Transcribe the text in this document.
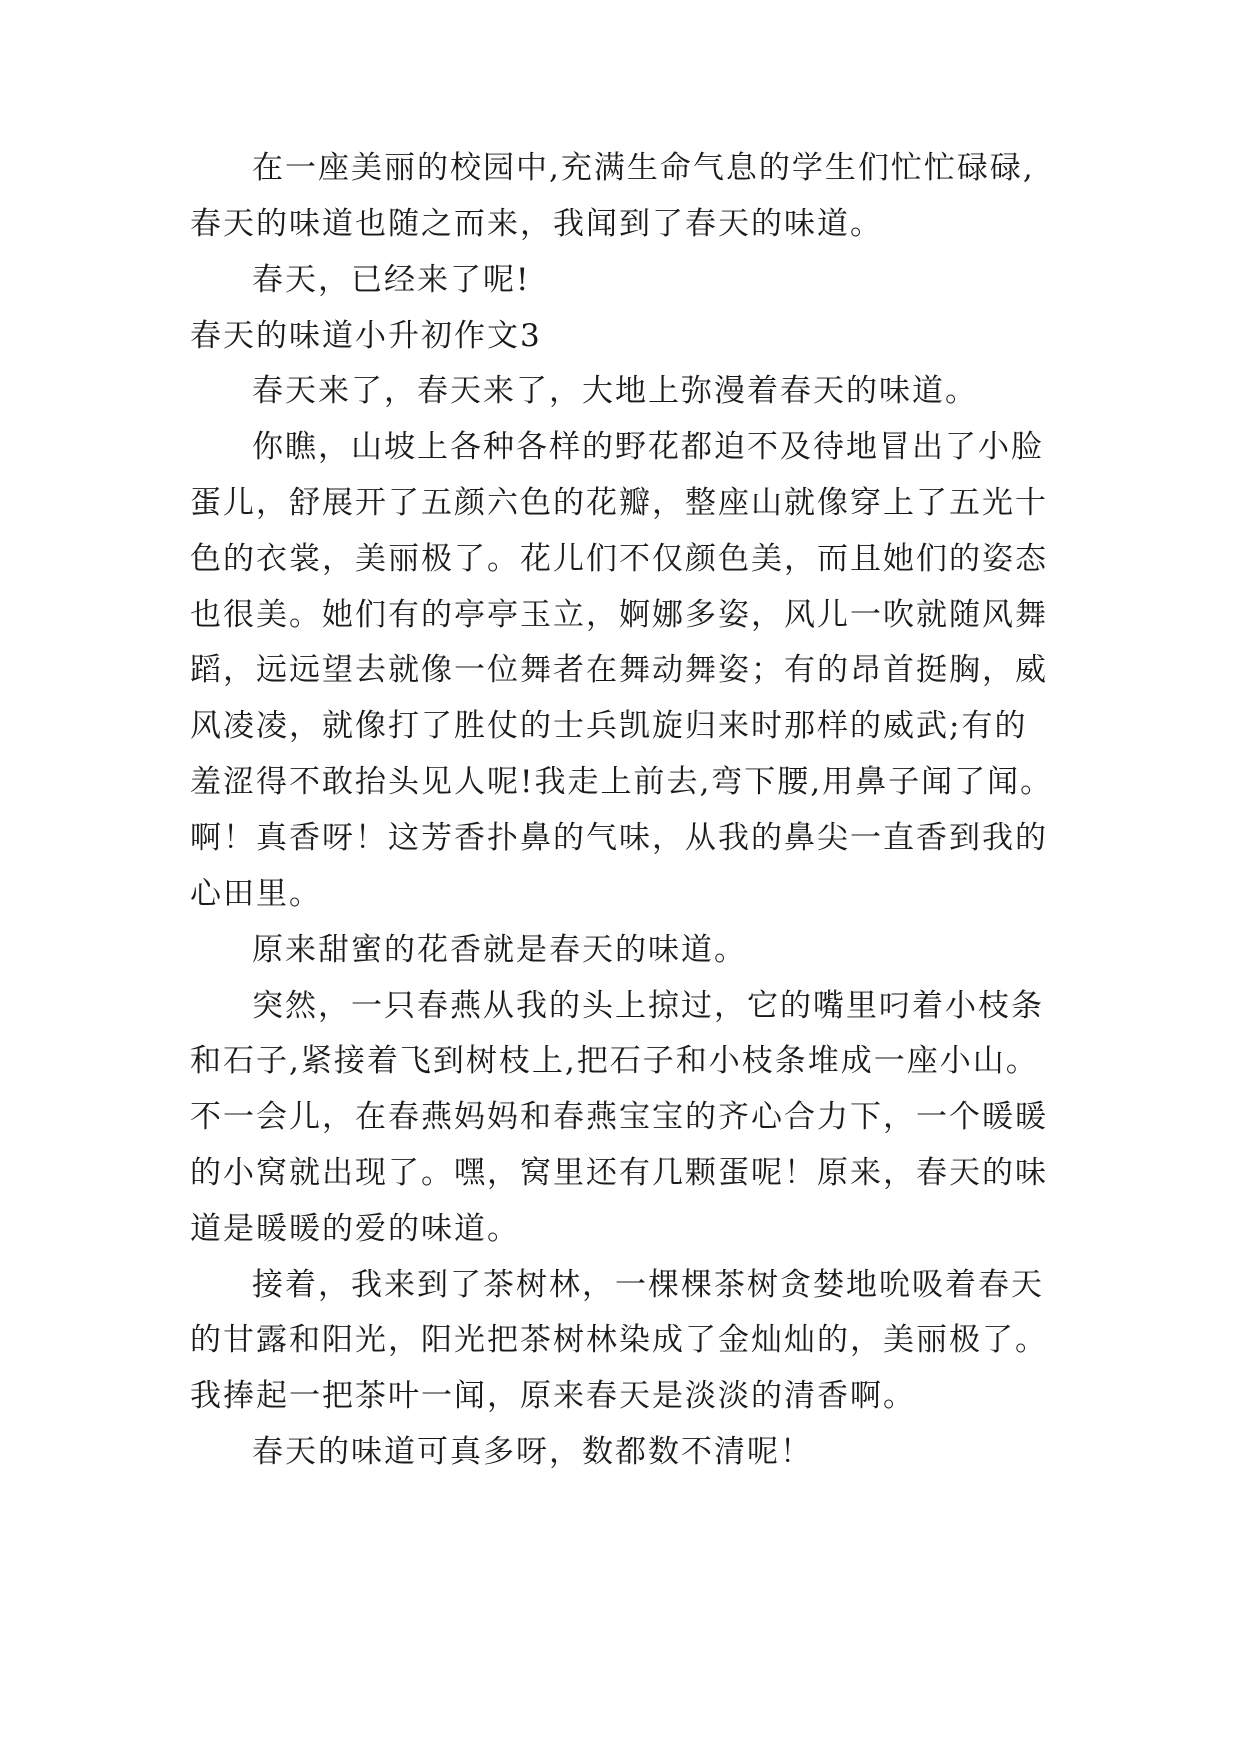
在一座美丽的校园中,充满生命气息的学生们忙忙碌碌,
春天的味道也随之而来，我闻到了春天的味道。
春天，已经来了呢!
春天的味道小升初作文3
春天来了，春天来了，大地上弥漫着春天的味道。
你瞧，山坡上各种各样的野花都迫不及待地冒出了小脸
蛋儿，舒展开了五颜六色的花瓣，整座山就像穿上了五光十
色的衣裳，美丽极了。花儿们不仅颜色美，而且她们的姿态
也很美。她们有的亭亭玉立，婀娜多姿，风儿一吹就随风舞
蹈，远远望去就像一位舞者在舞动舞姿；有的昂首挺胸，威
风凌凌，就像打了胜仗的士兵凯旋归来时那样的威武;有的
羞涩得不敢抬头见人呢!我走上前去,弯下腰,用鼻子闻了闻。
啊！真香呀！这芳香扑鼻的气味，从我的鼻尖一直香到我的
心田里。
原来甜蜜的花香就是春天的味道。
突然，一只春燕从我的头上掠过，它的嘴里叼着小枝条
和石子,紧接着飞到树枝上,把石子和小枝条堆成一座小山。
不一会儿，在春燕妈妈和春燕宝宝的齐心合力下，一个暖暖
的小窝就出现了。嘿，窝里还有几颗蛋呢！原来，春天的味
道是暖暖的爱的味道。
接着，我来到了茶树林，一棵棵茶树贪婪地吮吸着春天
的甘露和阳光，阳光把茶树林染成了金灿灿的，美丽极了。
我捧起一把茶叶一闻，原来春天是淡淡的清香啊。
春天的味道可真多呀，数都数不清呢！
